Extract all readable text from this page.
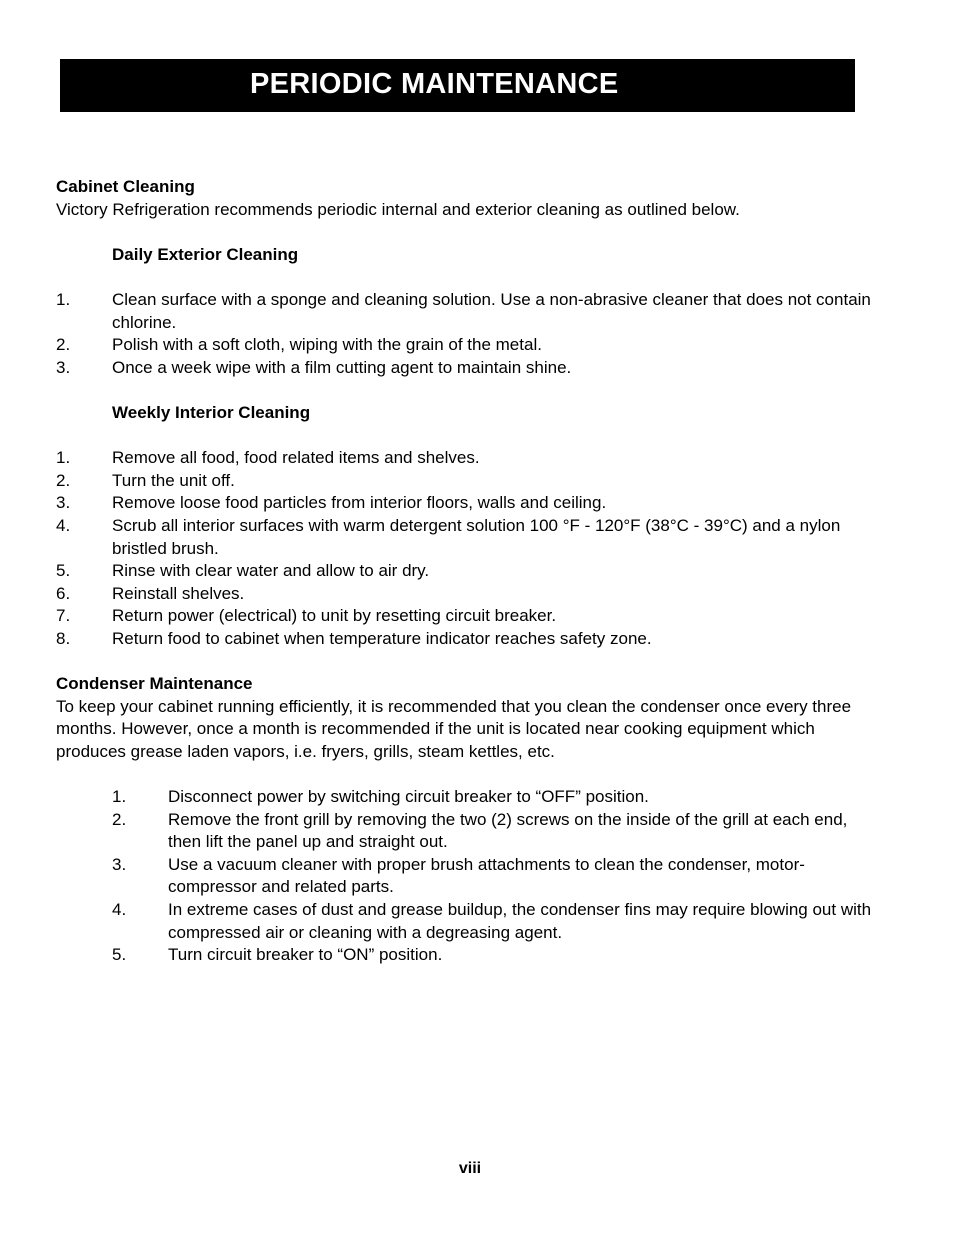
PERIODIC MAINTENANCE
Cabinet Cleaning
Victory Refrigeration recommends periodic internal and exterior cleaning as outlined below.
Daily Exterior Cleaning
1.	Clean surface with a sponge and cleaning solution. Use a non-abrasive cleaner that does not contain chlorine.
2.	Polish with a soft cloth, wiping with the grain of the metal.
3.	Once a week wipe with a film cutting agent to maintain shine.
Weekly Interior Cleaning
1.	Remove all food, food related items and shelves.
2.	Turn the unit off.
3.	Remove loose food particles from interior floors, walls and ceiling.
4.	Scrub all interior surfaces with warm detergent solution 100 °F - 120°F (38°C - 39°C) and a nylon bristled brush.
5.	Rinse with clear water and allow to air dry.
6.	Reinstall shelves.
7.	Return power (electrical) to unit by resetting circuit breaker.
8.	Return food to cabinet when temperature indicator reaches safety zone.
Condenser Maintenance
To keep your cabinet running efficiently, it is recommended that you clean the condenser once every three months. However, once a month is recommended if the unit is located near cooking equipment which produces grease laden vapors, i.e. fryers, grills, steam kettles, etc.
1.	Disconnect power by switching circuit breaker to “OFF” position.
2.	Remove the front grill by removing the two (2) screws on the inside of the grill at each end, then lift the panel up and straight out.
3.	Use a vacuum cleaner with proper brush attachments to clean the condenser, motor-compressor and related parts.
4.	In extreme cases of dust and grease buildup, the condenser fins may require blowing out with compressed air or cleaning with a degreasing agent.
5.	Turn circuit breaker to “ON” position.
viii
